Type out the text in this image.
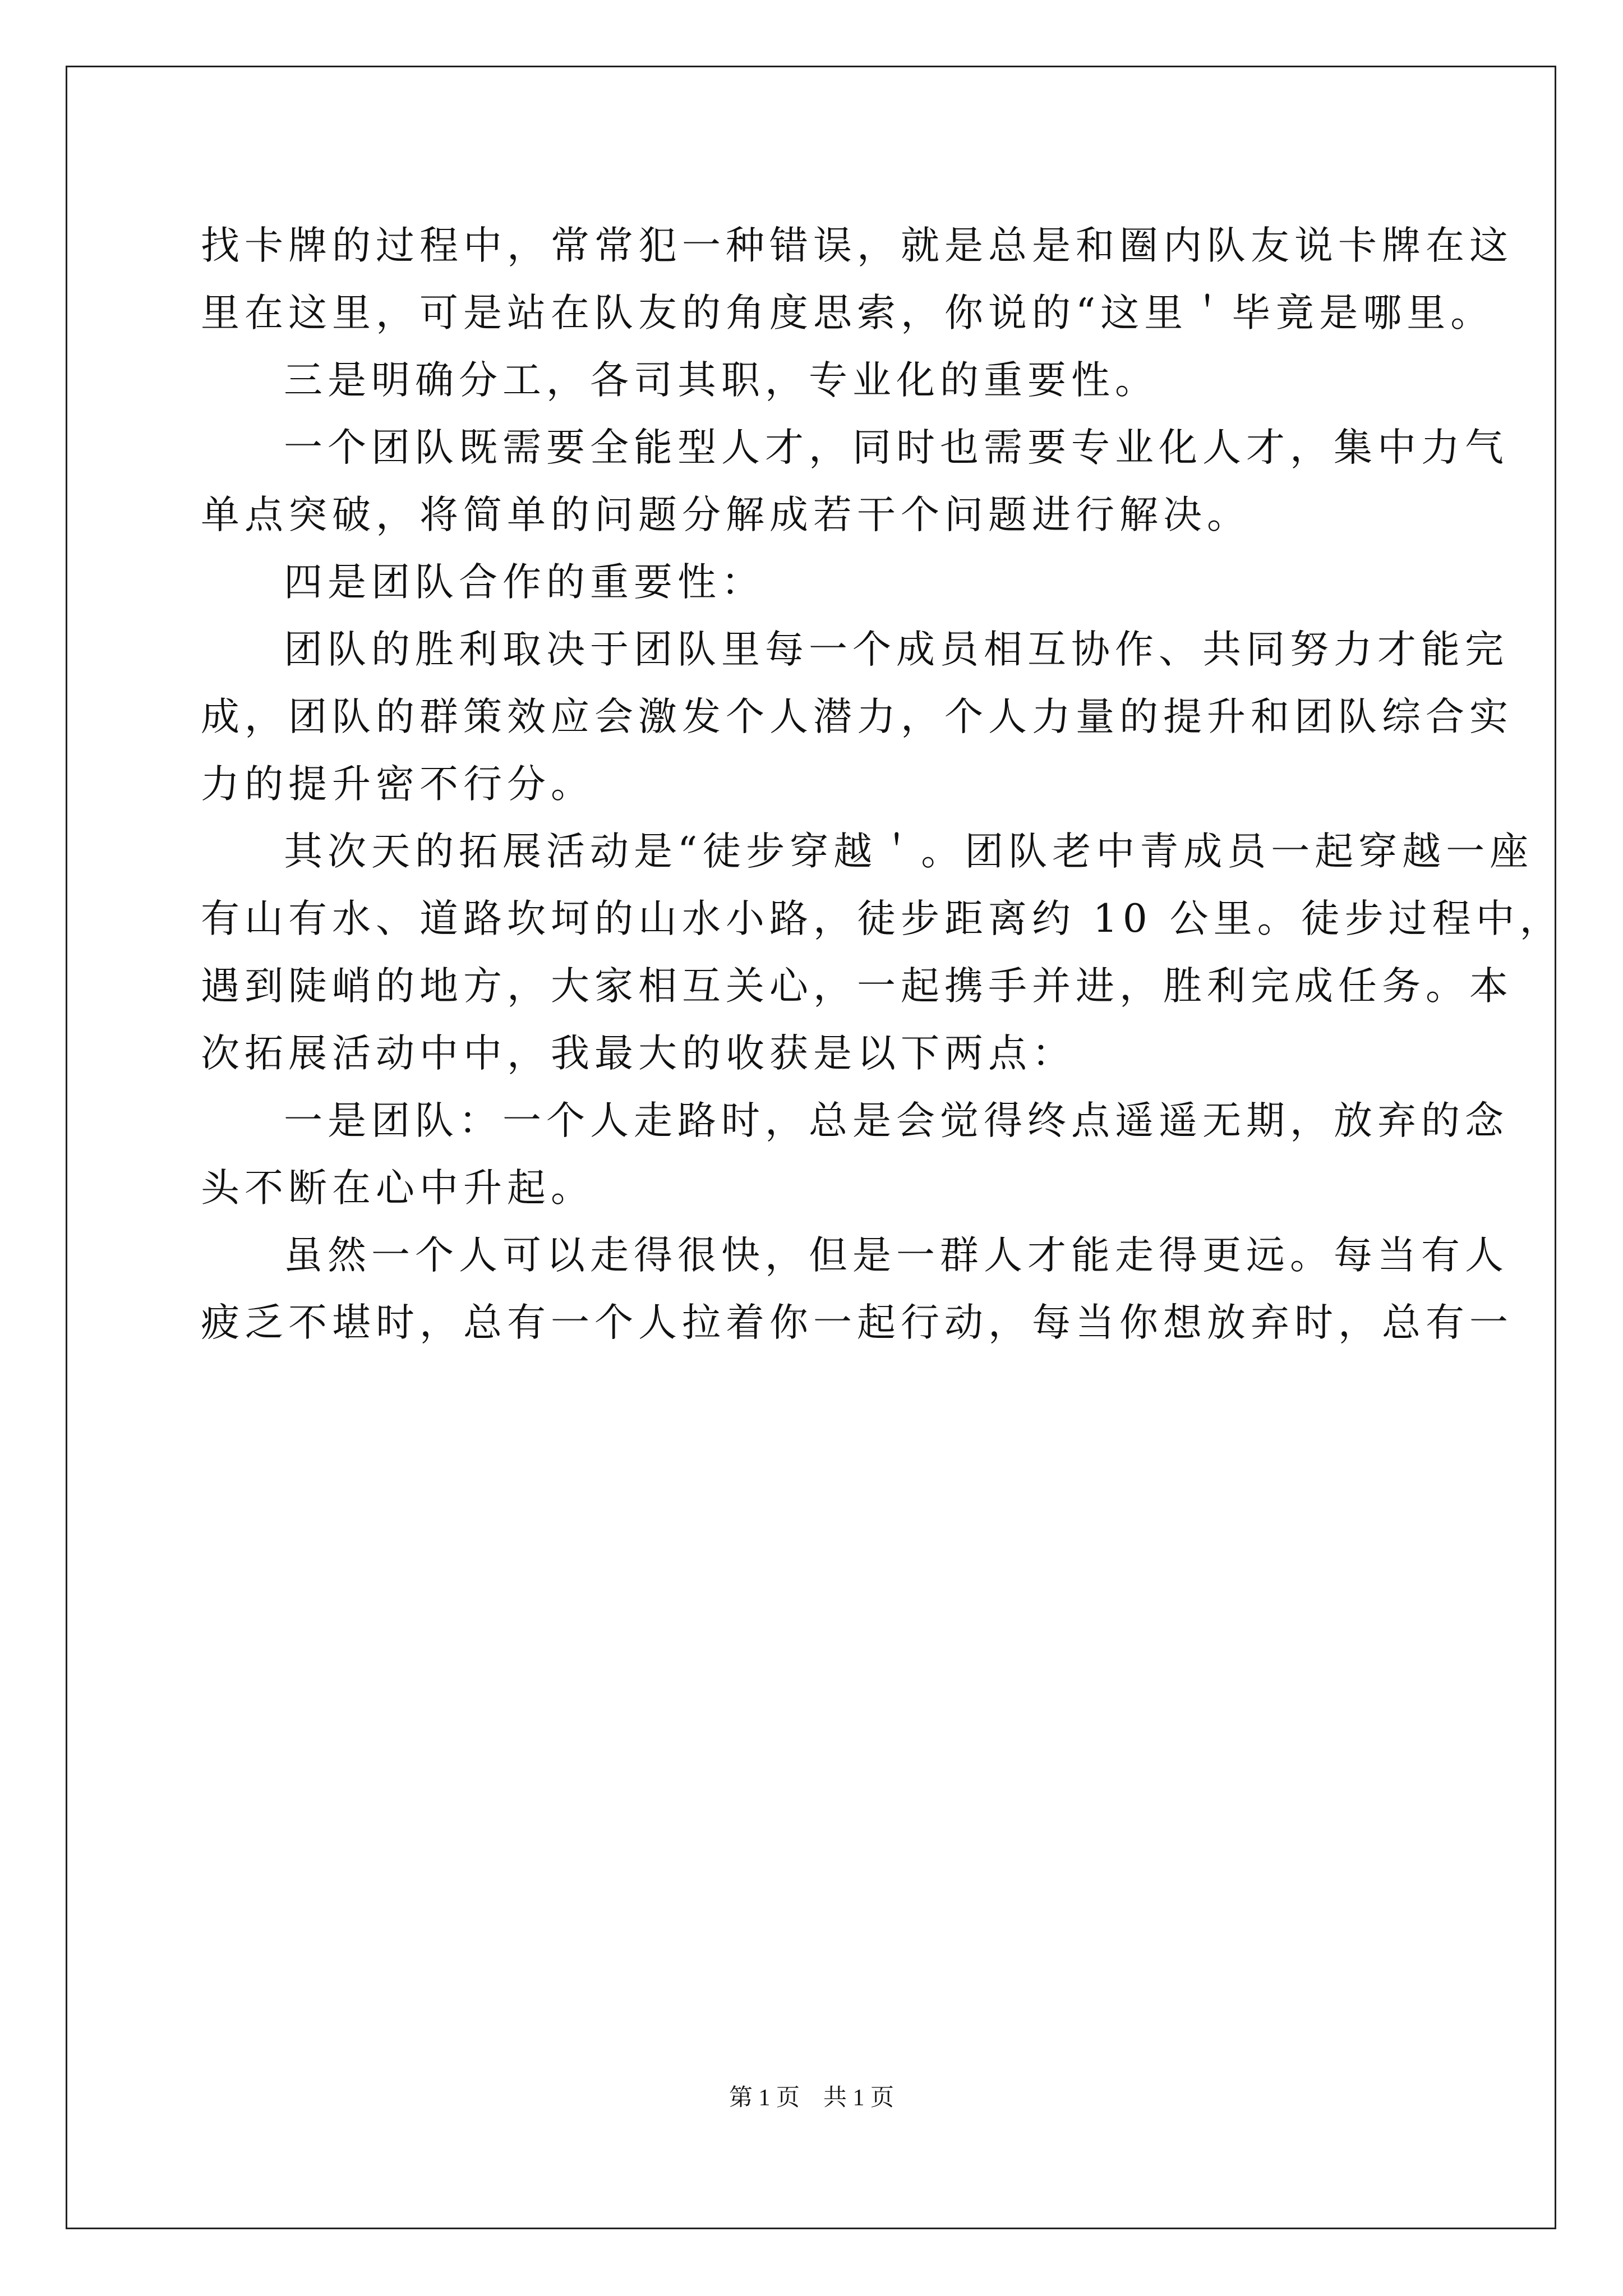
找卡牌的过程中，常常犯一种错误，就是总是和圈内队友说卡牌在这
里在这里，可是站在队友的角度思索，你说的“这里＇毕竟是哪里。
三是明确分工，各司其职，专业化的重要性。
一个团队既需要全能型人才，同时也需要专业化人才，集中力气
单点突破，将简单的问题分解成若干个问题进行解决。
四是团队合作的重要性：
团队的胜利取决于团队里每一个成员相互协作、共同努力才能完
成，团队的群策效应会激发个人潜力，个人力量的提升和团队综合实
力的提升密不行分。
其次天的拓展活动是“徒步穿越＇。团队老中青成员一起穿越一座
有山有水、道路坎坷的山水小路，徒步距离约 10 公里。徒步过程中，
遇到陡峭的地方，大家相互关心，一起携手并进，胜利完成任务。本
次拓展活动中中，我最大的收获是以下两点：
一是团队：一个人走路时，总是会觉得终点遥遥无期，放弃的念
头不断在心中升起。
虽然一个人可以走得很快，但是一群人才能走得更远。每当有人
疲乏不堪时，总有一个人拉着你一起行动，每当你想放弃时，总有一
第 1 页　共 1 页
